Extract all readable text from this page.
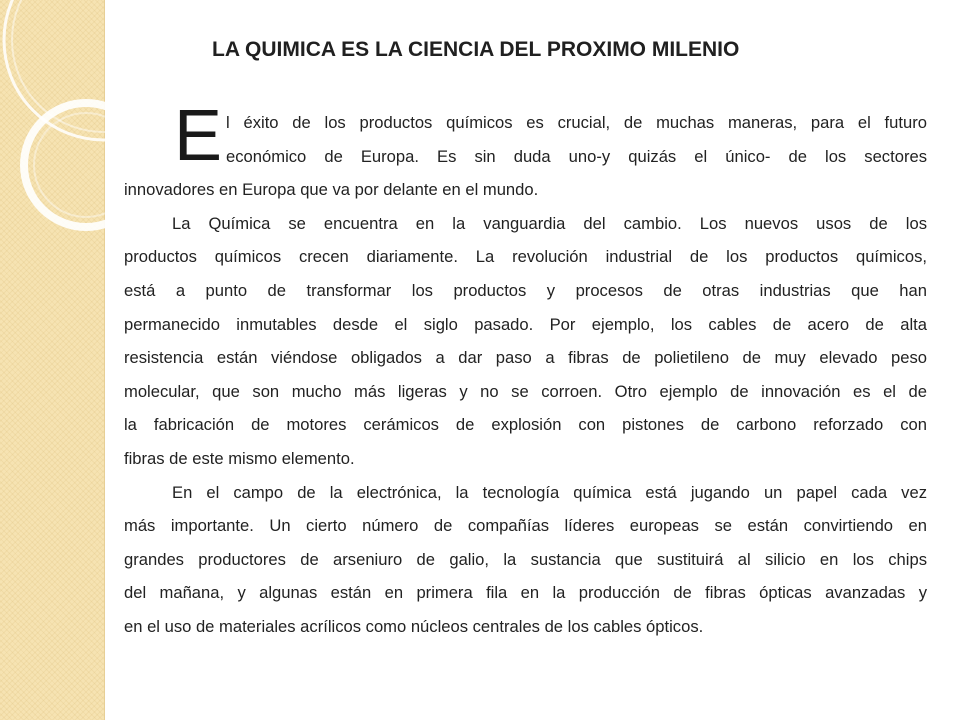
LA QUIMICA ES LA CIENCIA DEL PROXIMO MILENIO

E l éxito de los productos químicos es crucial, de muchas maneras, para el futuro
económico de Europa. Es sin duda uno-y quizás el único- de los sectores
innovadores en Europa que va por delante en el mundo.

La Química se encuentra en la vanguardia del cambio. Los nuevos usos de los
productos químicos crecen diariamente. La revolución industrial de los productos químicos,
está a punto de transformar los productos y procesos de otras industrias que han
permanecido inmutables desde el siglo pasado. Por ejemplo, los cables de acero de alta
resistencia están viéndose obligados a dar paso a fibras de polietileno de muy elevado peso
molecular, que son mucho más ligeras y no se corroen. Otro ejemplo de innovación es el de
la fabricación de motores cerámicos de explosión con pistones de carbono reforzado con
fibras de este mismo elemento.

En el campo de la electrónica, la tecnología química está jugando un papel cada vez
más importante. Un cierto número de compañías líderes europeas se están convirtiendo en
grandes productores de arseniuro de galio, la sustancia que sustituirá al silicio en los chips
del mañana, y algunas están en primera fila en la producción de fibras ópticas avanzadas y
en el uso de materiales acrílicos como núcleos centrales de los cables ópticos.
